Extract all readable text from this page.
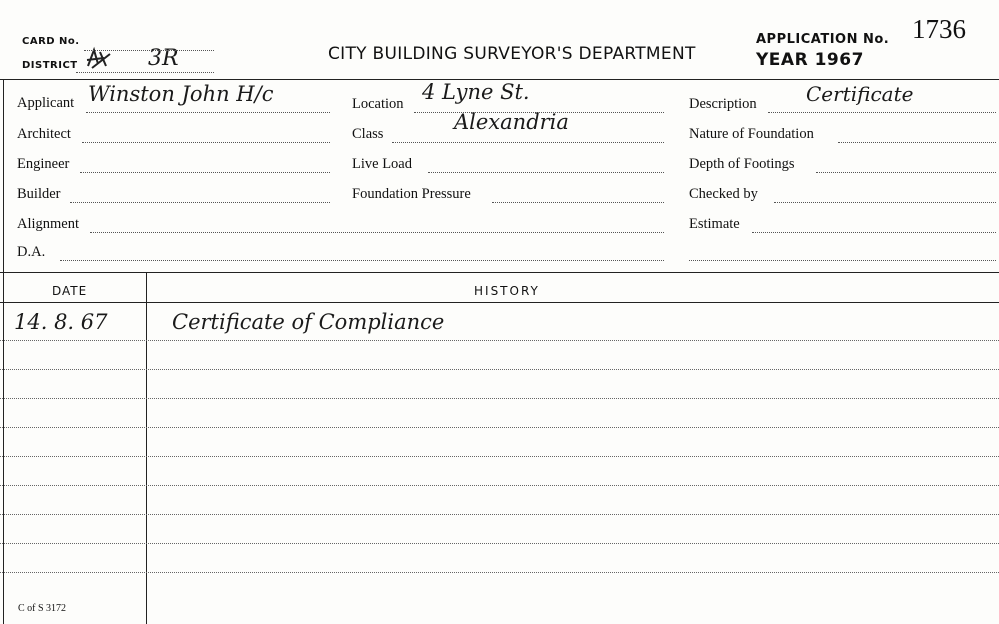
CARD No.
DISTRICT	3R	CITY BUILDING SURVEYOR'S DEPARTMENT
APPLICATION No. 1736
YEAR 1967
Applicant Winston John H/c
Architect
Engineer
Builder
Alignment
D.A.
Location 4 Lyne St.
Alexandria
Class
Live Load
Foundation Pressure
Description Certificate
Nature of Foundation
Depth of Footings
Checked by
Estimate
DATE	HISTORY
14. 8. 67	Certificate of Compliance
C of S 3172
